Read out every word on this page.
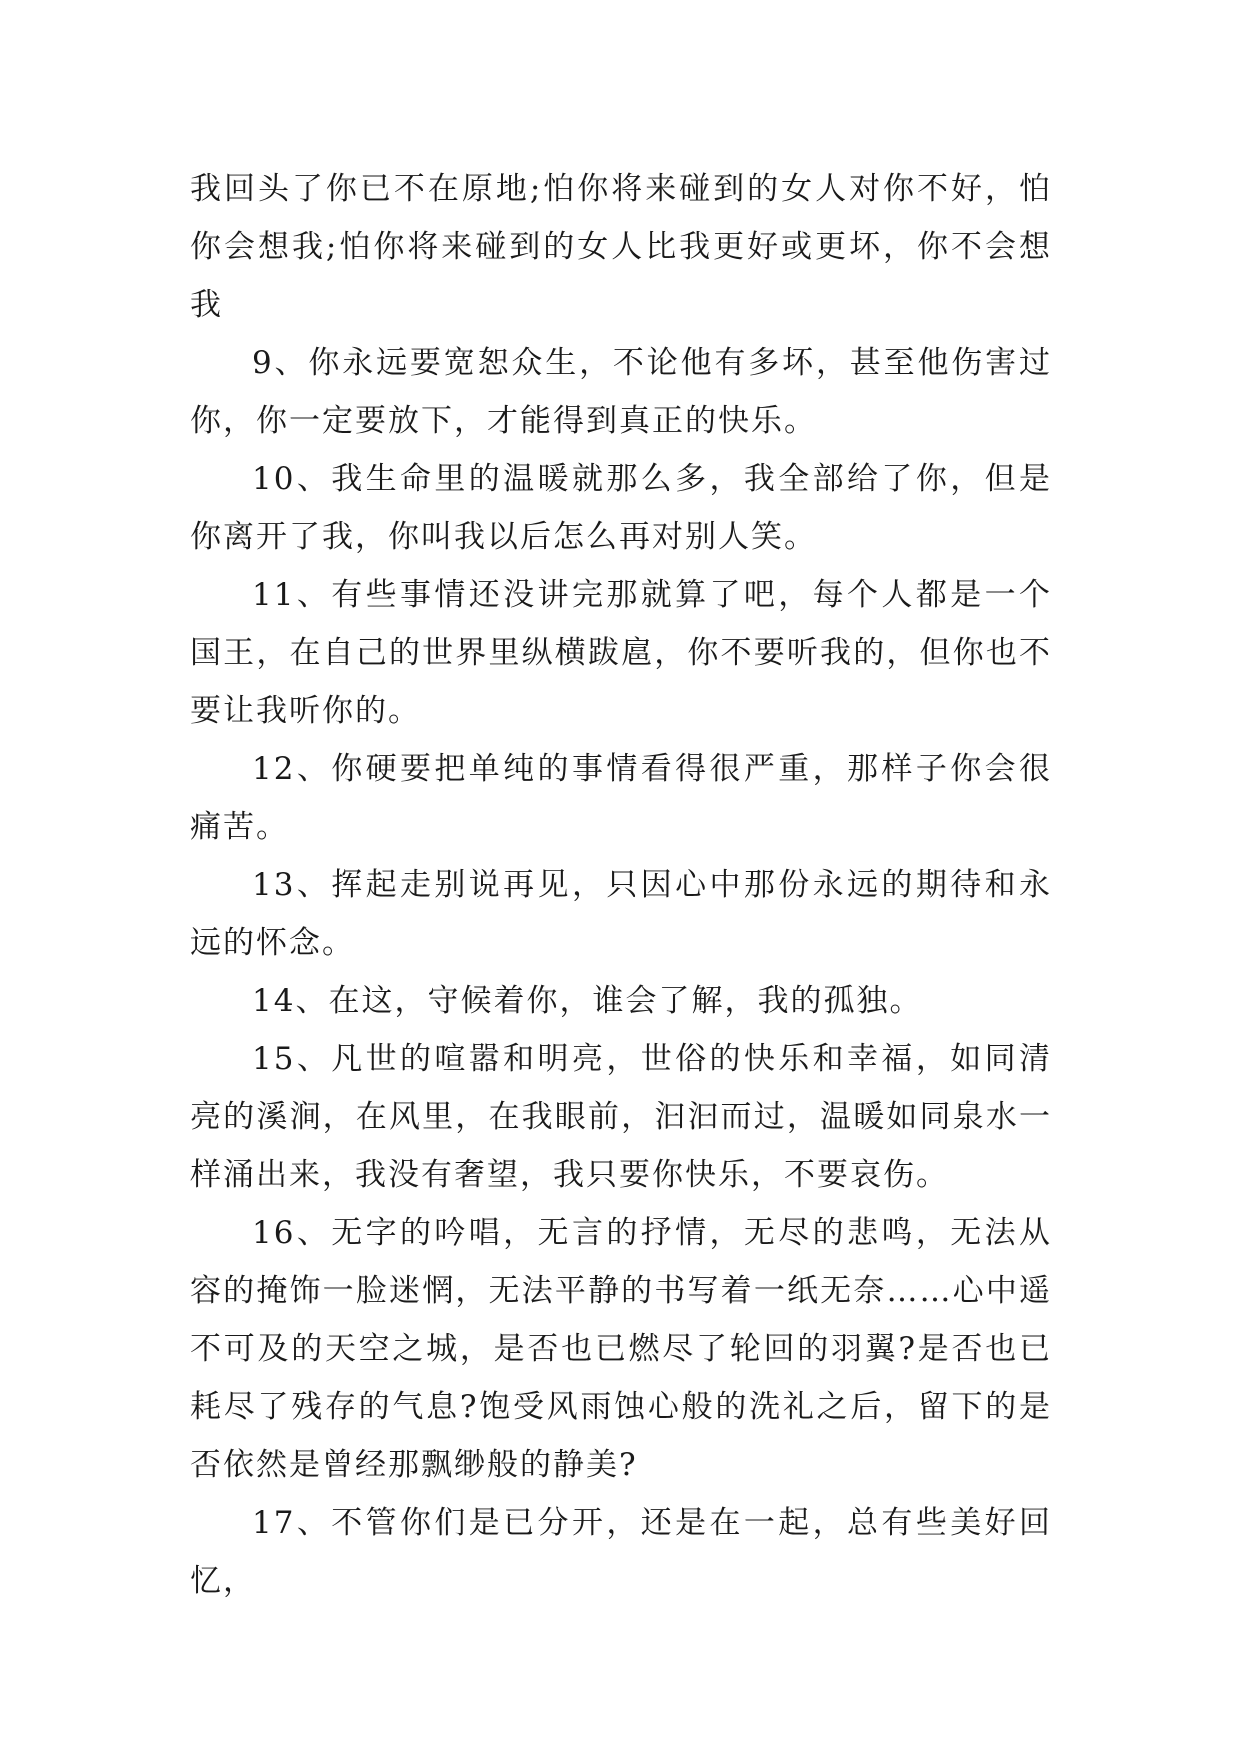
我回头了你已不在原地;怕你将来碰到的女人对你不好，怕你会想我;怕你将来碰到的女人比我更好或更坏，你不会想我

9、你永远要宽恕众生，不论他有多坏，甚至他伤害过你，你一定要放下，才能得到真正的快乐。

10、我生命里的温暖就那么多，我全部给了你，但是你离开了我，你叫我以后怎么再对别人笑。

11、有些事情还没讲完那就算了吧，每个人都是一个国王，在自己的世界里纵横跋扈，你不要听我的，但你也不要让我听你的。

12、你硬要把单纯的事情看得很严重，那样子你会很痛苦。

13、挥起走别说再见，只因心中那份永远的期待和永远的怀念。

14、在这，守候着你，谁会了解，我的孤独。

15、凡世的喧嚣和明亮，世俗的快乐和幸福，如同清亮的溪涧，在风里，在我眼前，汩汩而过，温暖如同泉水一样涌出来，我没有奢望，我只要你快乐，不要哀伤。

16、无字的吟唱，无言的抒情，无尽的悲鸣，无法从容的掩饰一脸迷惘，无法平静的书写着一纸无奈……心中遥不可及的天空之城，是否也已燃尽了轮回的羽翼?是否也已耗尽了残存的气息?饱受风雨蚀心般的洗礼之后，留下的是否依然是曾经那飘缈般的静美?

17、不管你们是已分开，还是在一起，总有些美好回忆，
